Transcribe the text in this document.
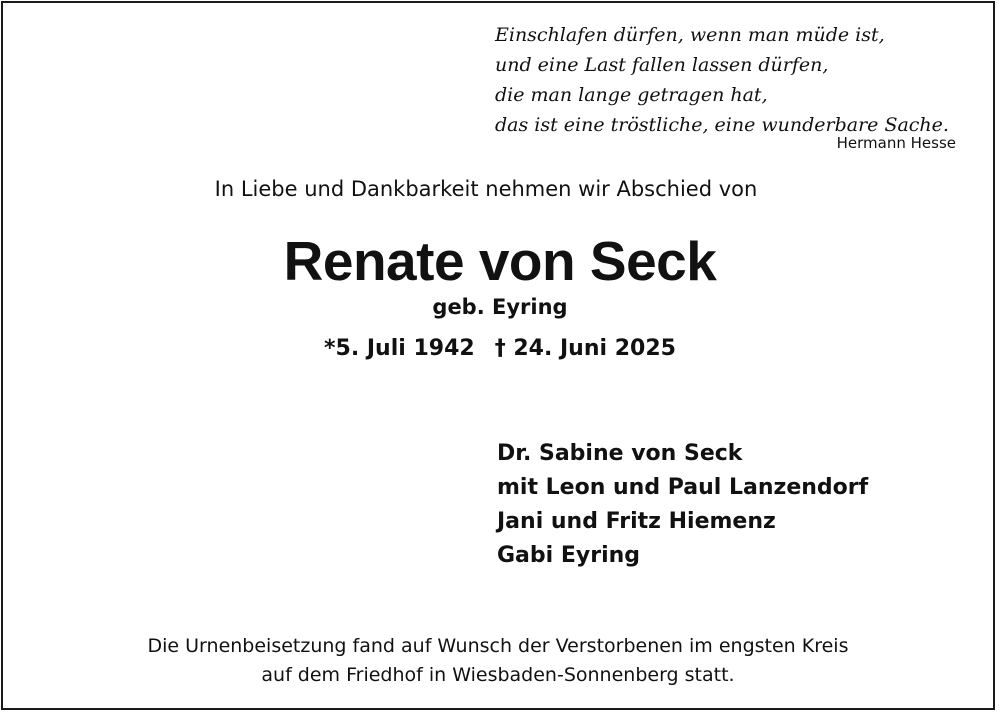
Einschlafen dürfen, wenn man müde ist,
und eine Last fallen lassen dürfen,
die man lange getragen hat,
das ist eine tröstliche, eine wunderbare Sache.
Hermann Hesse
In Liebe und Dankbarkeit nehmen wir Abschied von
Renate von Seck
geb. Eyring
*5. Juli 1942 † 24. Juni 2025
Dr. Sabine von Seck
mit Leon und Paul Lanzendorf
Jani und Fritz Hiemenz
Gabi Eyring
Die Urnenbeisetzung fand auf Wunsch der Verstorbenen im engsten Kreis
auf dem Friedhof in Wiesbaden-Sonnenberg statt.
